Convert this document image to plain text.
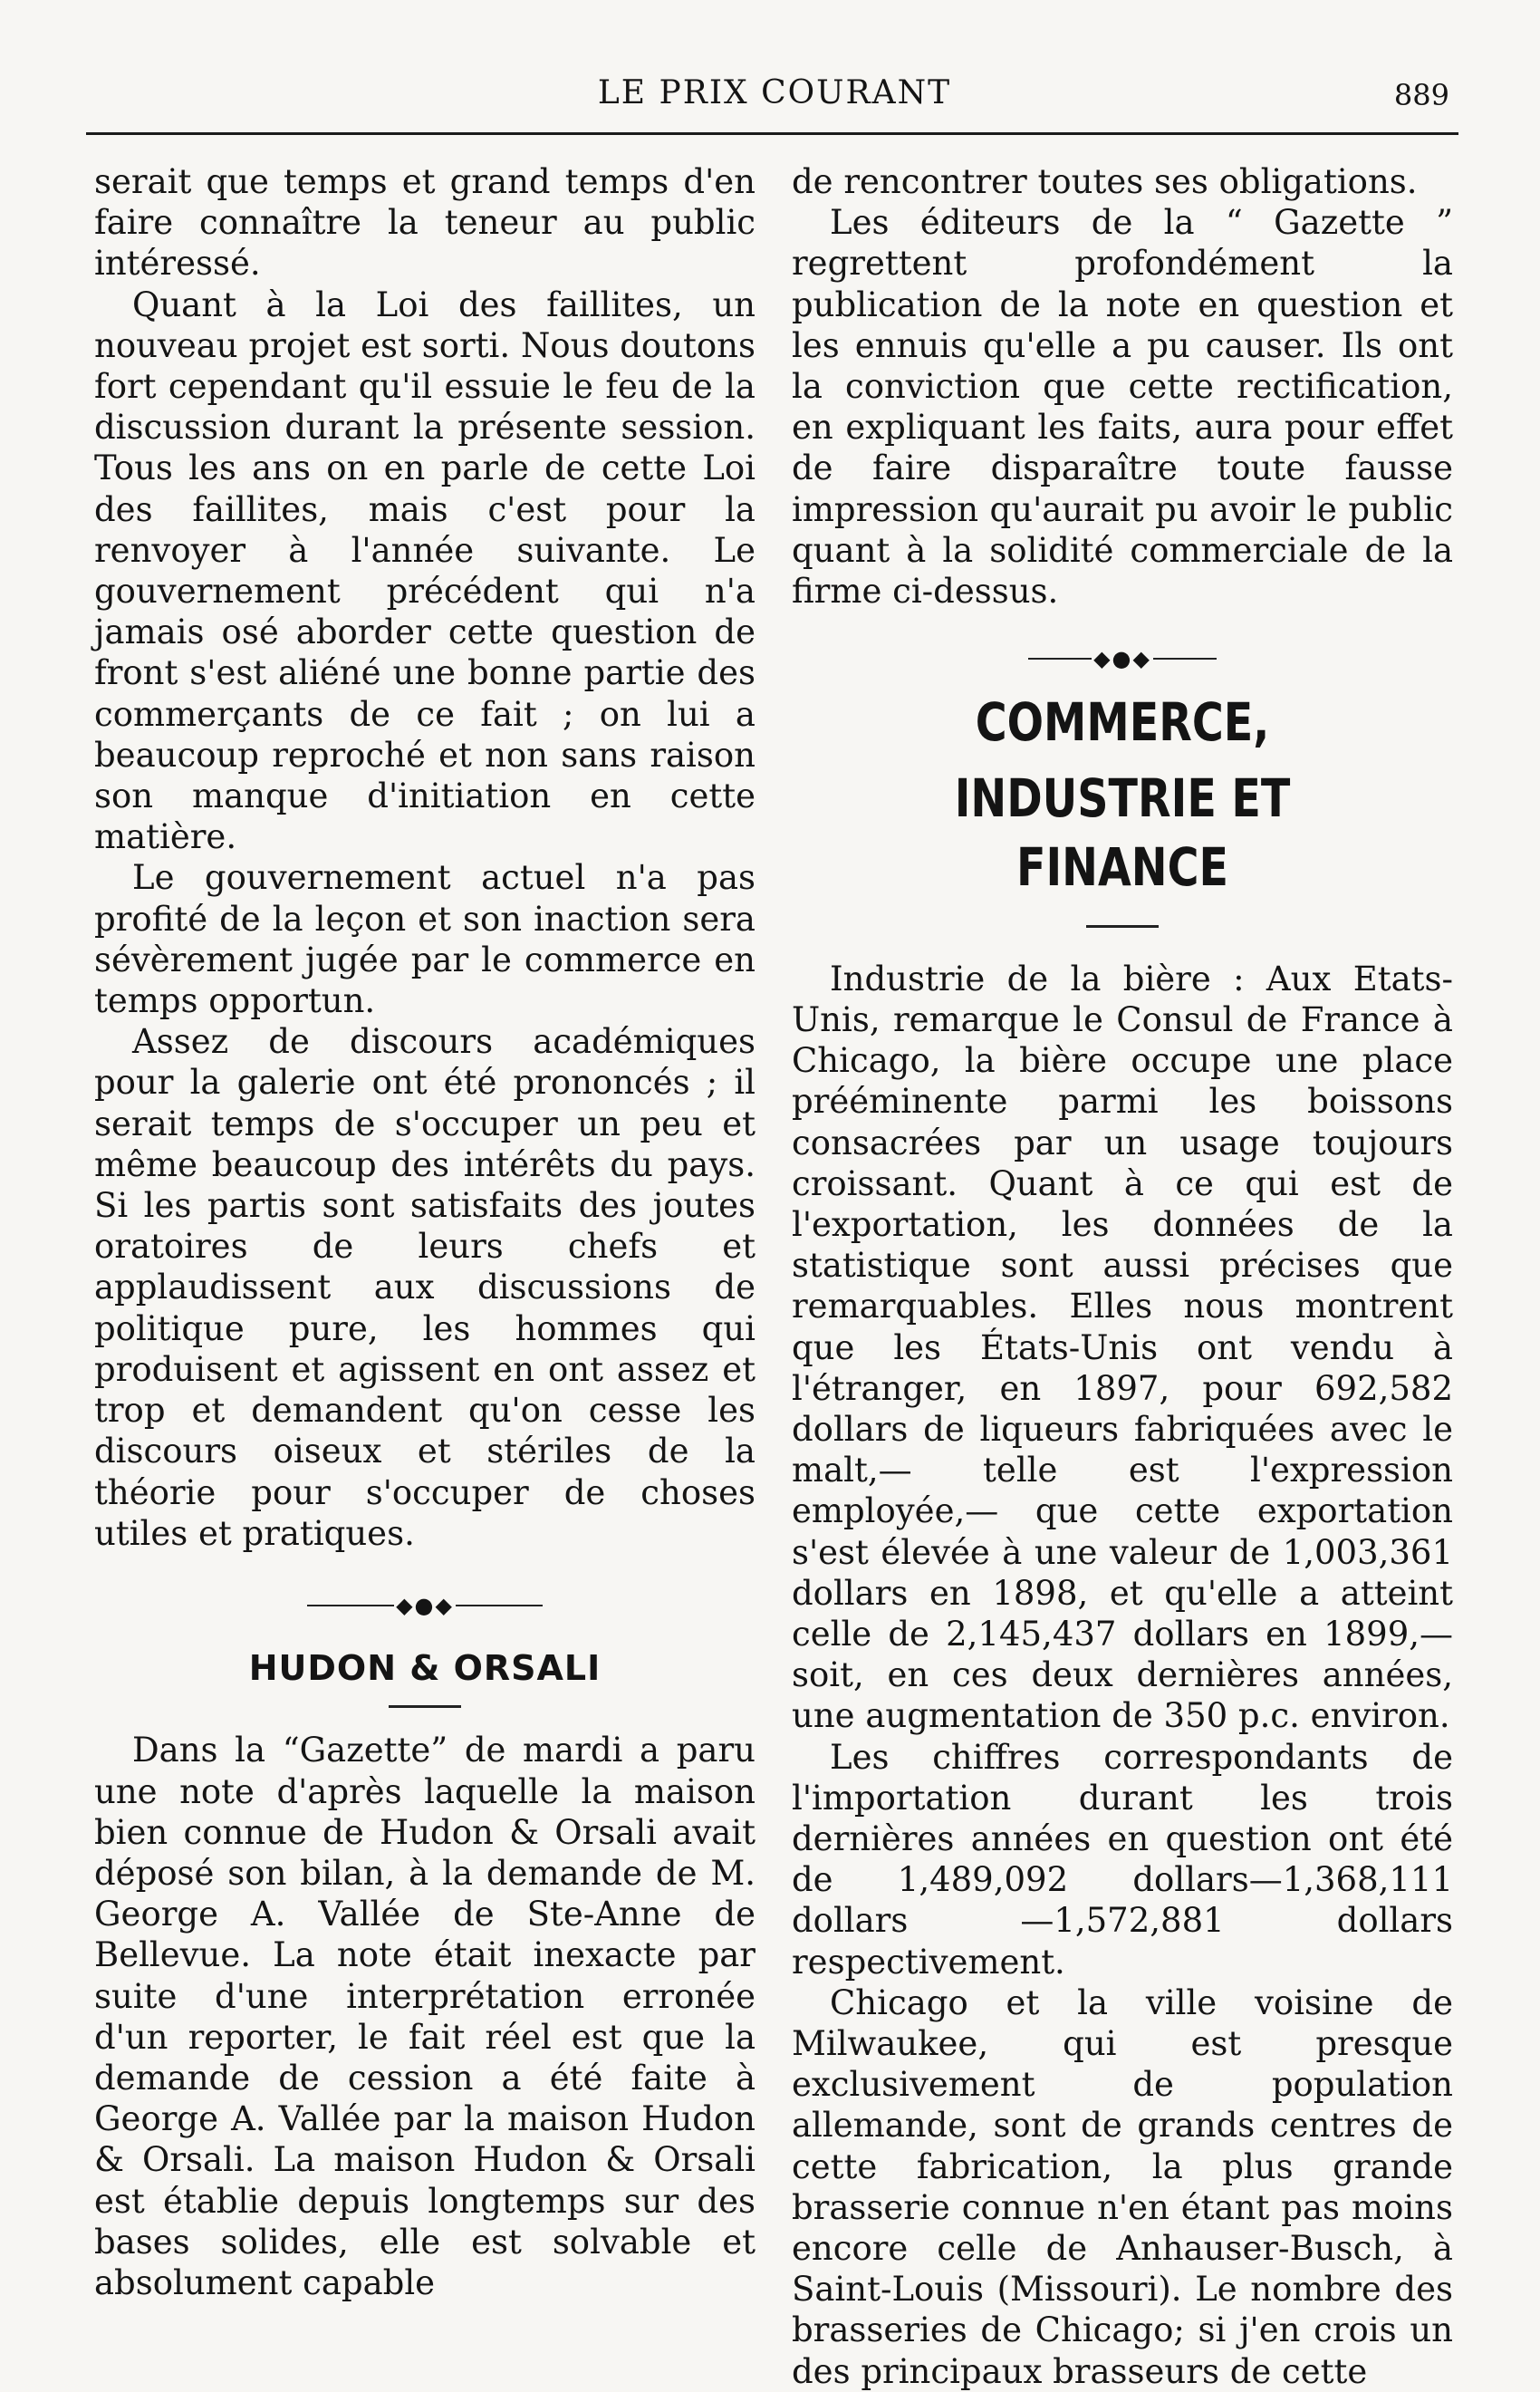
LE PRIX COURANT	889

serait que temps et grand temps d'en faire connaître la teneur au public intéressé.

Quant à la Loi des faillites, un nouveau projet est sorti. Nous doutons fort cependant qu'il essuie le feu de la discussion durant la présente session. Tous les ans on en parle de cette Loi des faillites, mais c'est pour la renvoyer à l'année suivante. Le gouvernement précédent qui n'a jamais osé aborder cette question de front s'est aliéné une bonne partie des commerçants de ce fait ; on lui a beaucoup reproché et non sans raison son manque d'initiation en cette matière.

Le gouvernement actuel n'a pas profité de la leçon et son inaction sera sévèrement jugée par le commerce en temps opportun.

Assez de discours académiques pour la galerie ont été prononcés ; il serait temps de s'occuper un peu et même beaucoup des intérêts du pays. Si les partis sont satisfaits des joutes oratoires de leurs chefs et applaudissent aux discussions de politique pure, les hommes qui produisent et agissent en ont assez et trop et demandent qu'on cesse les discours oiseux et stériles de la théorie pour s'occuper de choses utiles et pratiques.

◆●◆

HUDON & ORSALI

Dans la “Gazette” de mardi a paru une note d'après laquelle la maison bien connue de Hudon & Orsali avait déposé son bilan, à la demande de M. George A. Vallée de Ste-Anne de Bellevue. La note était inexacte par suite d'une interprétation erronée d'un reporter, le fait réel est que la demande de cession a été faite à George A. Vallée par la maison Hudon & Orsali. La maison Hudon & Orsali est établie depuis longtemps sur des bases solides, elle est solvable et absolument capable

de rencontrer toutes ses obligations.

Les éditeurs de la “ Gazette ” regrettent profondément la publication de la note en question et les ennuis qu'elle a pu causer. Ils ont la conviction que cette rectification, en expliquant les faits, aura pour effet de faire disparaître toute fausse impression qu'aurait pu avoir le public quant à la solidité commerciale de la firme ci-dessus.

◆●◆

COMMERCE,

INDUSTRIE ET FINANCE

Industrie de la bière : Aux Etats-Unis, remarque le Consul de France à Chicago, la bière occupe une place prééminente parmi les boissons consacrées par un usage toujours croissant. Quant à ce qui est de l'exportation, les données de la statistique sont aussi précises que remarquables. Elles nous montrent que les États-Unis ont vendu à l'étranger, en 1897, pour 692,582 dollars de liqueurs fabriquées avec le malt,— telle est l'expression employée,— que cette exportation s'est élevée à une valeur de 1,003,361 dollars en 1898, et qu'elle a atteint celle de 2,145,437 dollars en 1899,—soit, en ces deux dernières années, une augmentation de 350 p.c. environ.

Les chiffres correspondants de l'importation durant les trois dernières années en question ont été de 1,489,092 dollars—1,368,111 dollars —1,572,881 dollars respectivement.

Chicago et la ville voisine de Milwaukee, qui est presque exclusivement de population allemande, sont de grands centres de cette fabrication, la plus grande brasserie connue n'en étant pas moins encore celle de Anhauser-Busch, à Saint-Louis (Missouri). Le nombre des brasseries de Chicago; si j'en crois un des principaux brasseurs de cette
